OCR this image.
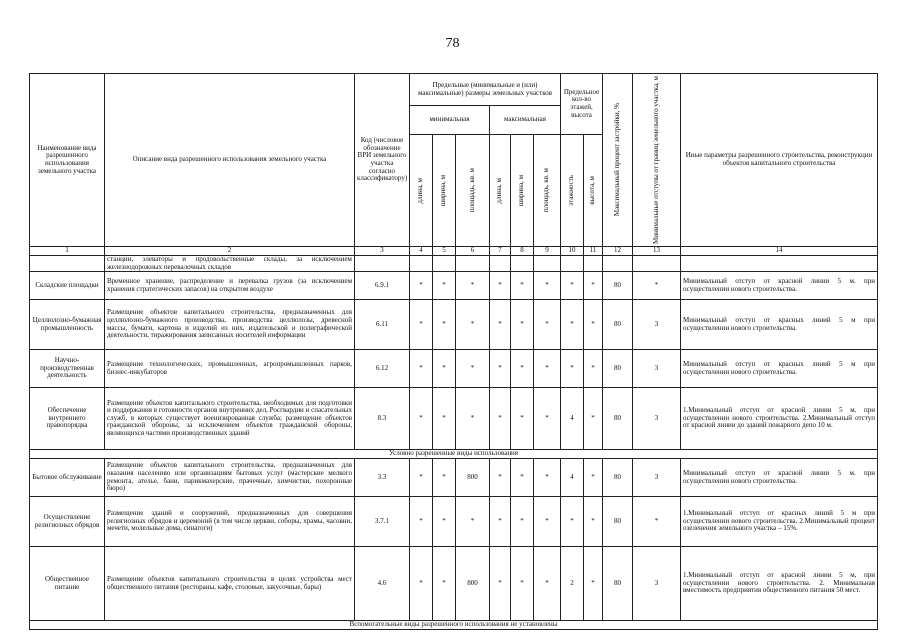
78
Наименование вида разрешенного использования земельного участка	Описание вида разрешенного использования земельного участка	Код (числовое обозначение ВРИ земельного участка согласно классификатору)	Предельные (минимальные и (или) максимальные) размеры земельных участков						Предельное кол-во этажей, высота		Максимальный процент застройки, %	Минимальные отступы от границ земельного участка, м	Иные параметры разрешенного строительства, реконструкции объектов капитального строительства
			минимальная			максимальная							

			длина, м	ширина, м	площадь, кв. м	длина, м	ширина, м	площадь, кв. м	этажность	высота, м			

1	2	3	4	5	6	7	8	9	10	11	12	13	14
	станции, элеваторы и продовольственные склады, за исключением железнодорожных перевалочных складов												
Складские площадки	Временное хранение, распределение и перевалка грузов (за исключением хранения стратегических запасов) на открытом воздухе	6.9.1	*	*	*	*	*	*	*	*	80	*	Минимальный отступ от красной линии 5 м. при осуществлении нового строительства.
Целлюлозно-бумажная промышленность	Размещение объектов капитального строительства, предназначенных для целлюлозно-бумажного производства, производства целлюлозы, древесной массы, бумаги, картона и изделий из них, издательской и полиграфической деятельности, тиражирования записанных носителей информации	6.11	*	*	*	*	*	*	*	*	80	3	Минимальный отступ от красных линий 5 м при осуществлении нового строительства.
Научно-производственная деятельность	Размещение технологических, промышленных, агропромышленных парков, бизнес-инкубаторов	6.12	*	*	*	*	*	*	*	*	80	3	Минимальный отступ от красных линий 5 м при осуществлении нового строительства.
Обеспечение внутреннего правопорядка	Размещение объектов капитального строительства, необходимых для подготовки и поддержания в готовности органов внутренних дел, Росгвардии и спасательных служб, в которых существует военизированная служба; размещение объектов гражданской обороны, за исключением объектов гражданской обороны, являющихся частями производственных зданий	8.3	*	*	*	*	*	*	4	*	80	3	1.Минимальный отступ от красной линии 5 м. при осуществлении нового строительства. 2.Минимальный отступ от красной линии до зданий пожарного депо 10 м.
Условно разрешенные виды использования													
Бытовое обслуживание	Размещение объектов капитального строительства, предназначенных для оказания населению или организациям бытовых услуг (мастерские мелкого ремонта, ателье, бани, парикмахерские, прачечные, химчистки, похоронные бюро)	3.3	*	*	800	*	*	*	4	*	80	3	Минимальный отступ от красной линии 5 м. при осуществлении нового строительства.
Осуществление религиозных обрядов	Размещение зданий и сооружений, предназначенных для совершения религиозных обрядов и церемоний (в том числе церкви, соборы, храмы, часовни, мечети, молельные дома, синагоги)	3.7.1	*	*	*	*	*	*	*	*	80	*	1.Минимальный отступ от красных линий 5 м при осуществлении нового строительства. 2.Минимальный процент озеленения земельного участка – 15%.
Общественное питание	Размещение объектов капитального строительства в целях устройства мест общественного питания (рестораны, кафе, столовые, закусочные, бары)	4.6	*	*	800	*	*	*	2	*	80	3	1.Минимальный отступ от красной линии 5 м, при осуществлении нового строительства. 2. Минимальная вместимость предприятия общественного питания 50 мест.
Вспомогательные виды разрешенного использования не установлены													
